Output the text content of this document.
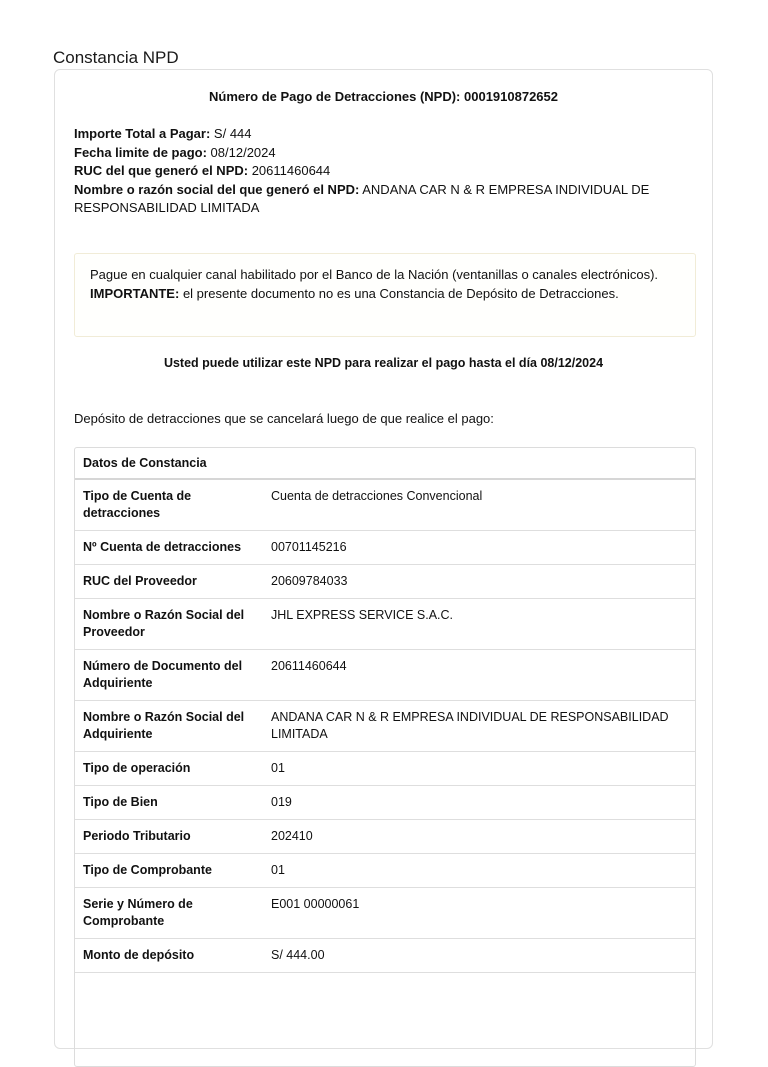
Constancia NPD
Número de Pago de Detracciones (NPD): 0001910872652
Importe Total a Pagar: S/ 444
Fecha limite de pago: 08/12/2024
RUC del que generó el NPD: 20611460644
Nombre o razón social del que generó el NPD: ANDANA CAR N & R EMPRESA INDIVIDUAL DE RESPONSABILIDAD LIMITADA
Pague en cualquier canal habilitado por el Banco de la Nación (ventanillas o canales electrónicos).
IMPORTANTE: el presente documento no es una Constancia de Depósito de Detracciones.
Usted puede utilizar este NPD para realizar el pago hasta el día 08/12/2024
Depósito de detracciones que se cancelará luego de que realice el pago:
Datos de Constancia
Tipo de Cuenta de detracciones	Cuenta de detracciones Convencional
Nº Cuenta de detracciones	00701145216
RUC del Proveedor	20609784033
Nombre o Razón Social del Proveedor	JHL EXPRESS SERVICE S.A.C.
Número de Documento del Adquiriente	20611460644
Nombre o Razón Social del Adquiriente	ANDANA CAR N & R EMPRESA INDIVIDUAL DE RESPONSABILIDAD LIMITADA
Tipo de operación	01
Tipo de Bien	019
Periodo Tributario	202410
Tipo de Comprobante	01
Serie y Número de Comprobante	E001 00000061
Monto de depósito	S/ 444.00
